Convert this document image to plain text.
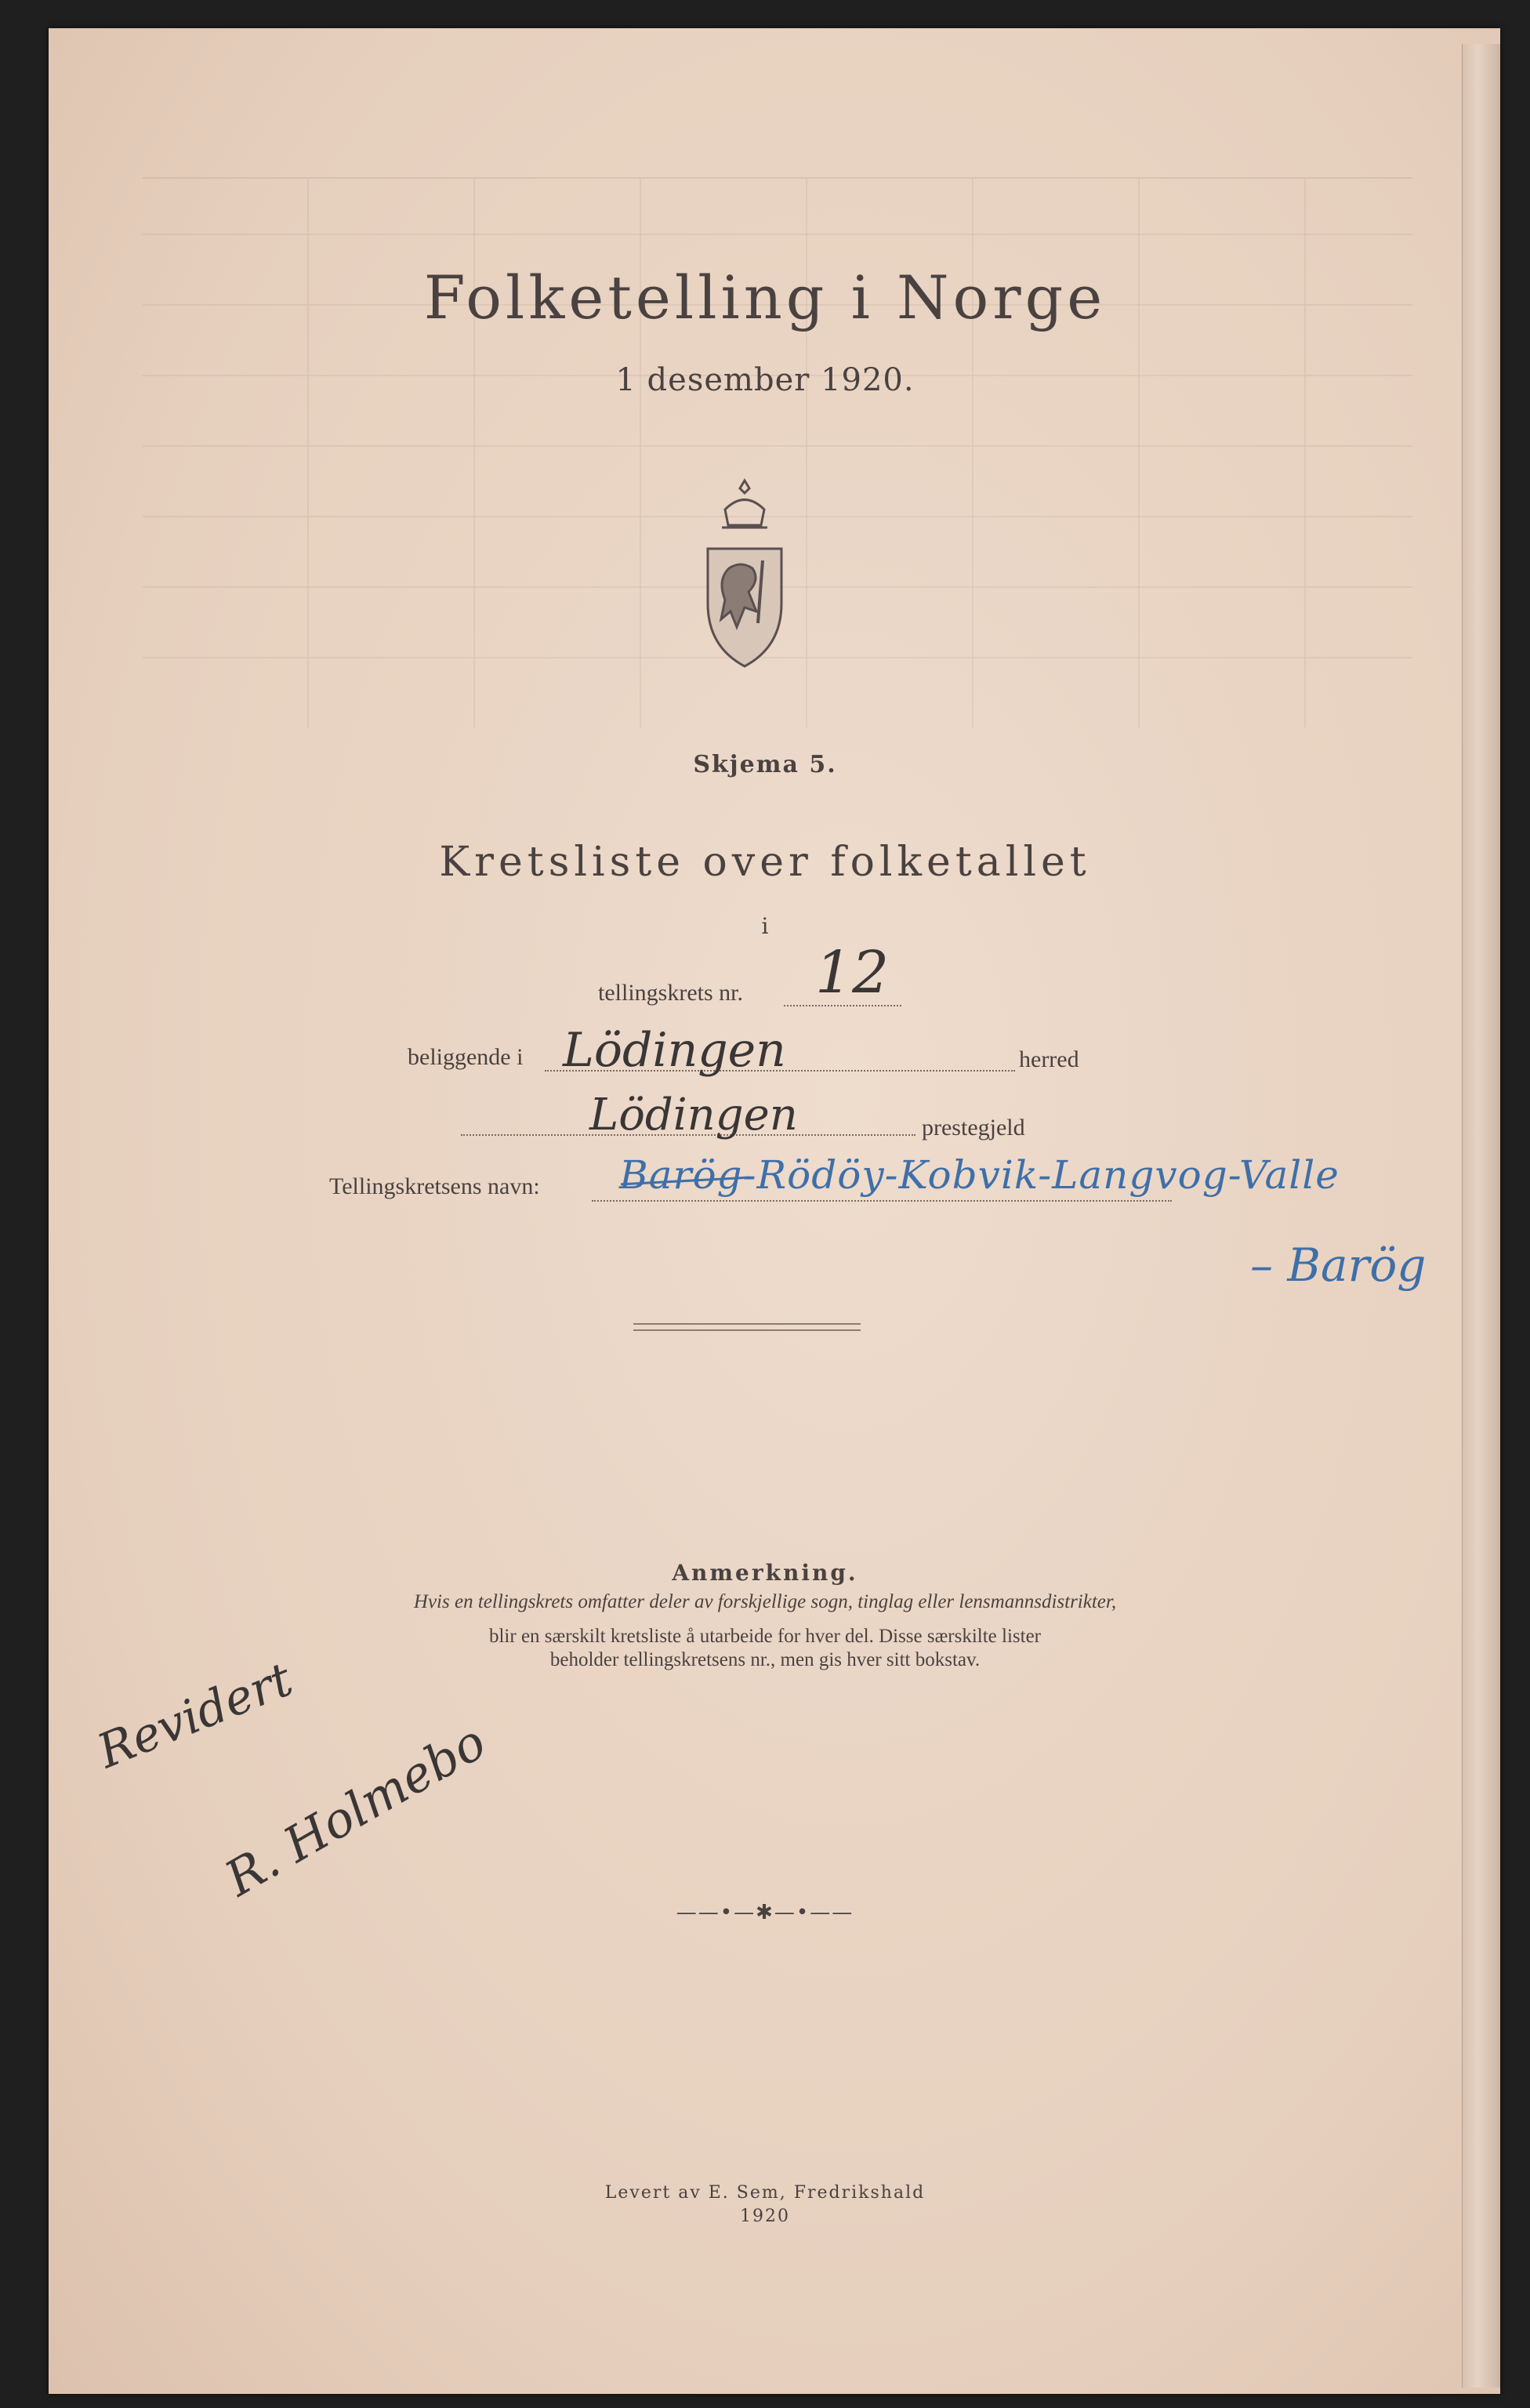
Folketelling i Norge
1 desember 1920.
Skjema 5.
Kretsliste over folketallet
i
tellingskrets nr. 12
beliggende i Lödingen	herred
Lödingen	prestegjeld
Tellingskretsens navn: Barög-Rödöy-Kobvik-Langvog-Valle
– Barög
Anmerkning.
Hvis en tellingskrets omfatter deler av forskjellige sogn, tinglag eller lensmannsdistrikter,
blir en særskilt kretsliste å utarbeide for hver del. Disse særskilte lister
beholder tellingskretsens nr., men gis hver sitt bokstav.
Revidert
R. Holmebo
——•—✱—•——
Levert av E. Sem, Fredrikshald
1920
